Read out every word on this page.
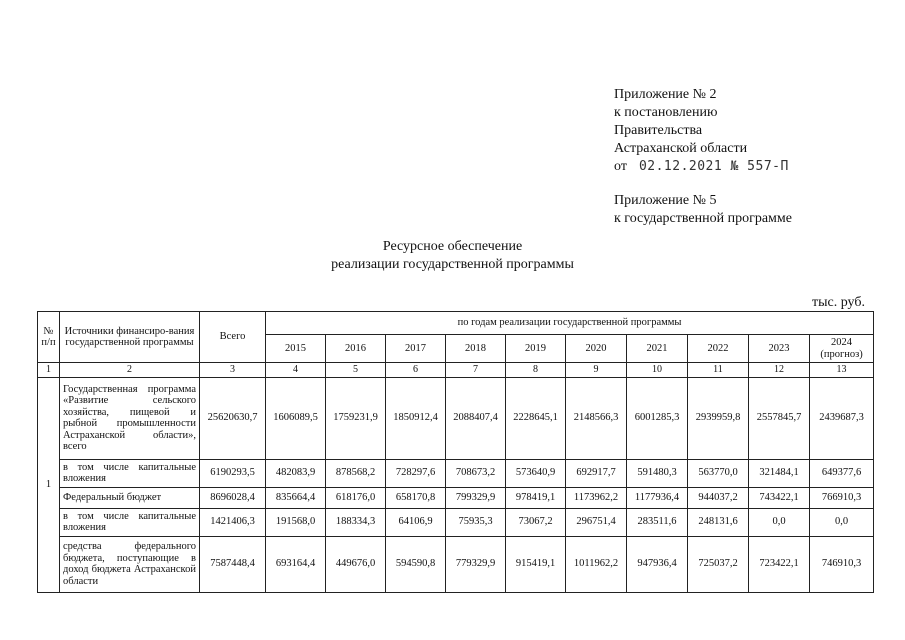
Приложение № 2
к постановлению
Правительства
Астраханской области
от 02.12.2021 № 557-П
Приложение № 5
к государственной программе
Ресурсное обеспечение
реализации государственной программы
тыс. руб.
№ п/п	Источники финансиро-вания государственной программы	Всего	по годам реализации государственной программы									
			2015	2016	2017	2018	2019	2020	2021	2022	2023	2024 (прогноз)
1	2	3	4	5	6	7	8	9	10	11	12	13
1	Государственная программа «Развитие сельского хозяйства, пищевой и рыбной промышленности Астраханской области», всего	25620630,7	1606089,5	1759231,9	1850912,4	2088407,4	2228645,1	2148566,3	6001285,3	2939959,8	2557845,7	2439687,3
	в том числе капитальные вложения	6190293,5	482083,9	878568,2	728297,6	708673,2	573640,9	692917,7	591480,3	563770,0	321484,1	649377,6
	Федеральный бюджет	8696028,4	835664,4	618176,0	658170,8	799329,9	978419,1	1173962,2	1177936,4	944037,2	743422,1	766910,3
	в том числе капитальные вложения	1421406,3	191568,0	188334,3	64106,9	75935,3	73067,2	296751,4	283511,6	248131,6	0,0	0,0
	средства федерального бюджета, поступающие в доход бюджета Астраханской области	7587448,4	693164,4	449676,0	594590,8	779329,9	915419,1	1011962,2	947936,4	725037,2	723422,1	746910,3
